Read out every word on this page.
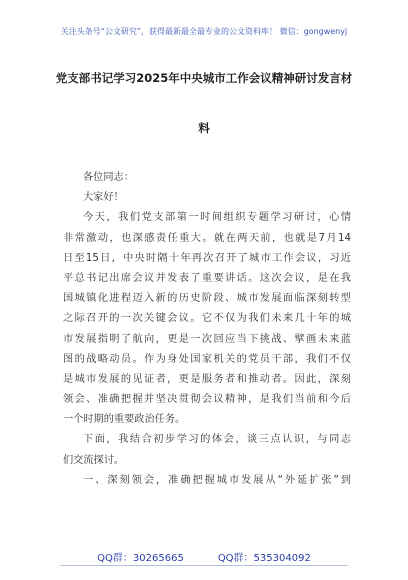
关注头条号“公文研究”，获得最新最全最专业的公文资料库！ 微信：gongwenyj
党支部书记学习2025年中央城市工作会议精神研讨发言材
料
各位同志：
大家好！
今天，我们党支部第一时间组织专题学习研讨，心情
非常激动，也深感责任重大。就在两天前，也就是7月14
日至15日，中央时隔十年再次召开了城市工作会议，习近
平总书记出席会议并发表了重要讲话。这次会议，是在我
国城镇化进程迈入新的历史阶段、城市发展面临深刻转型
之际召开的一次关键会议。它不仅为我们未来几十年的城
市发展指明了航向，更是一次回应当下挑战、擘画未来蓝
图的战略动员。作为身处国家机关的党员干部，我们不仅
是城市发展的见证者，更是服务者和推动者。因此，深刻
领会、准确把握并坚决贯彻会议精神，是我们当前和今后
一个时期的重要政治任务。
下面，我结合初步学习的体会，谈三点认识，与同志
们交流探讨。
一、深刻领会，准确把握城市发展从“外延扩张”到
QQ群：30265665	QQ群：535304092
